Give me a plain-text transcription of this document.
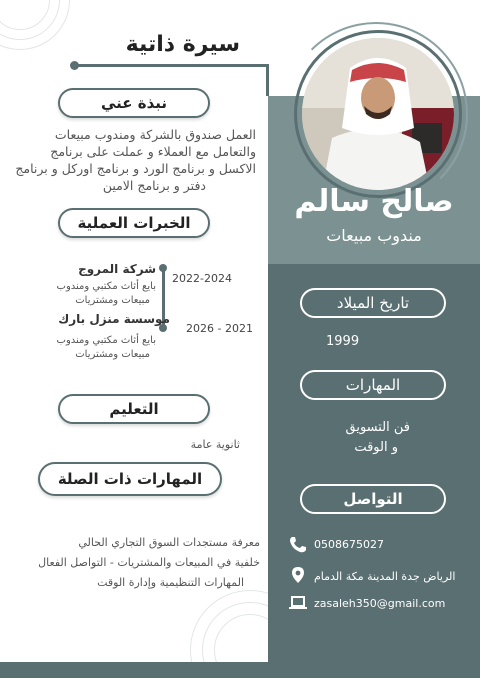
صالح سالم
مندوب مبيعات
تاريخ الميلاد
1999
المهارات
فن التسويق
و الوقت
التواصل
0508675027
الرياض جدة المدينة مكة الدمام
zasaleh350@gmail.com
سيرة ذاتية
نبذة عني
العمل صندوق بالشركة ومندوب مبيعات
والتعامل مع العملاء و عملت على برنامج
الاكسل و برنامج الورد و برنامج اوركل و برنامج
دفتر و برنامج الامين
الخبرات العملية
شركة المروج
بايع أثاث مكتبي ومندوب
مبيعات ومشتريات
2022-2024
موسسة منزل بارك
بايع أثاث مكتبي ومندوب
مبيعات ومشتريات
2026 - 2021
التعليم
ثانوية عامة
المهارات ذات الصلة
معرفة مستجدات السوق التجاري الحالي
خلفية في المبيعات والمشتريات - التواصل الفعال
المهارات التنظيمية وإدارة الوقت
